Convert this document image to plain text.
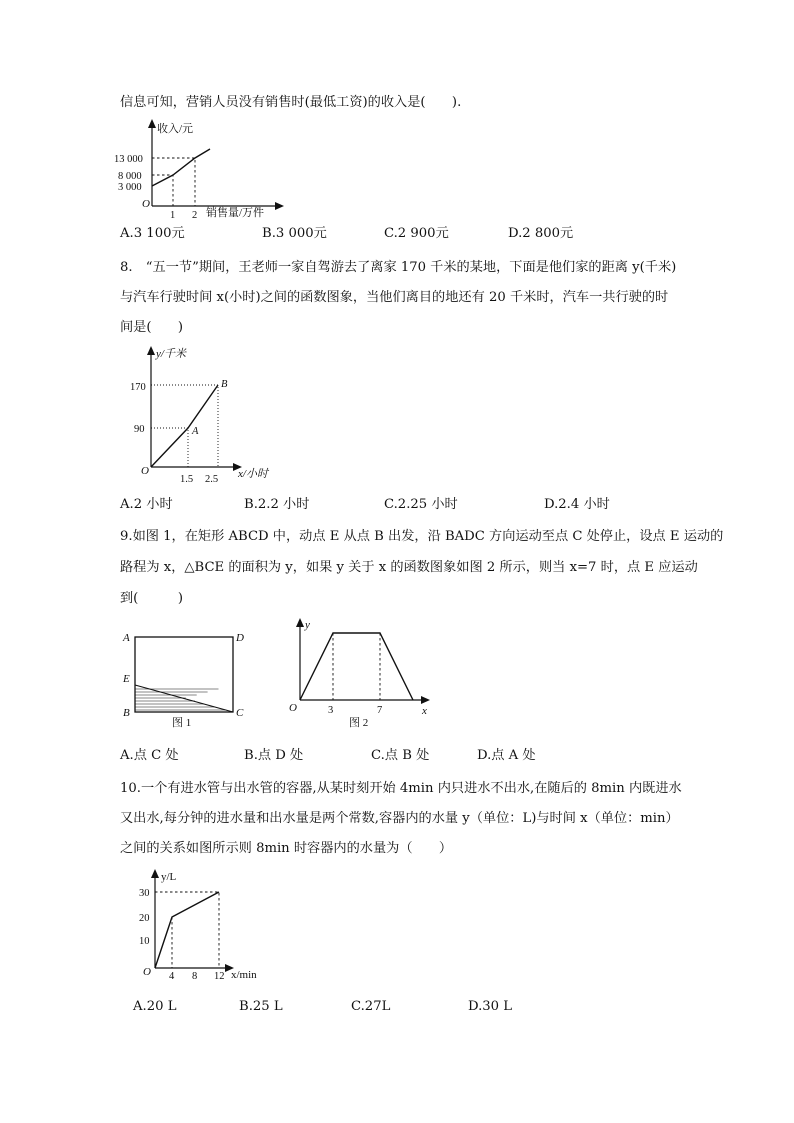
信息可知，营销人员没有销售时(最低工资)的收入是(　　).
收入/元
销售量/万件
O
13 000
8 000
3 000
1 2
A.3 100元	B.3 000元	C.2 900元	D.2 800元
8.　“五一节”期间，王老师一家自驾游去了离家 170 千米的某地，下面是他们家的距离 y(千米)
与汽车行驶时间 x(小时)之间的函数图象，当他们离目的地还有 20 千米时，汽车一共行驶的时
间是(　　)
y/千米
x/小时
O
170
90
1.5 2.5
A
B
A.2 小时	B.2.2 小时	C.2.25 小时	D.2.4 小时
9.如图 1，在矩形 ABCD 中，动点 E 从点 B 出发，沿 BADC 方向运动至点 C 处停止，设点 E 运动的
路程为 x，△BCE 的面积为 y，如果 y 关于 x 的函数图象如图 2 所示，则当 x=7 时，点 E 应运动
到(　　　)
A	D
E
B	C
图 1
y
x
O	3	7
图 2
A.点 C 处	B.点 D 处	C.点 B 处	D.点 A 处
10.一个有进水管与出水管的容器,从某时刻开始 4min 内只进水不出水,在随后的 8min 内既进水
又出水,每分钟的进水量和出水量是两个常数,容器内的水量 y（单位：L)与时间 x（单位：min）
之间的关系如图所示则 8min 时容器内的水量为（　　）
y/L
x/min
O
30
20
10
4 8 12
A.20 L	B.25 L	C.27L	D.30 L
